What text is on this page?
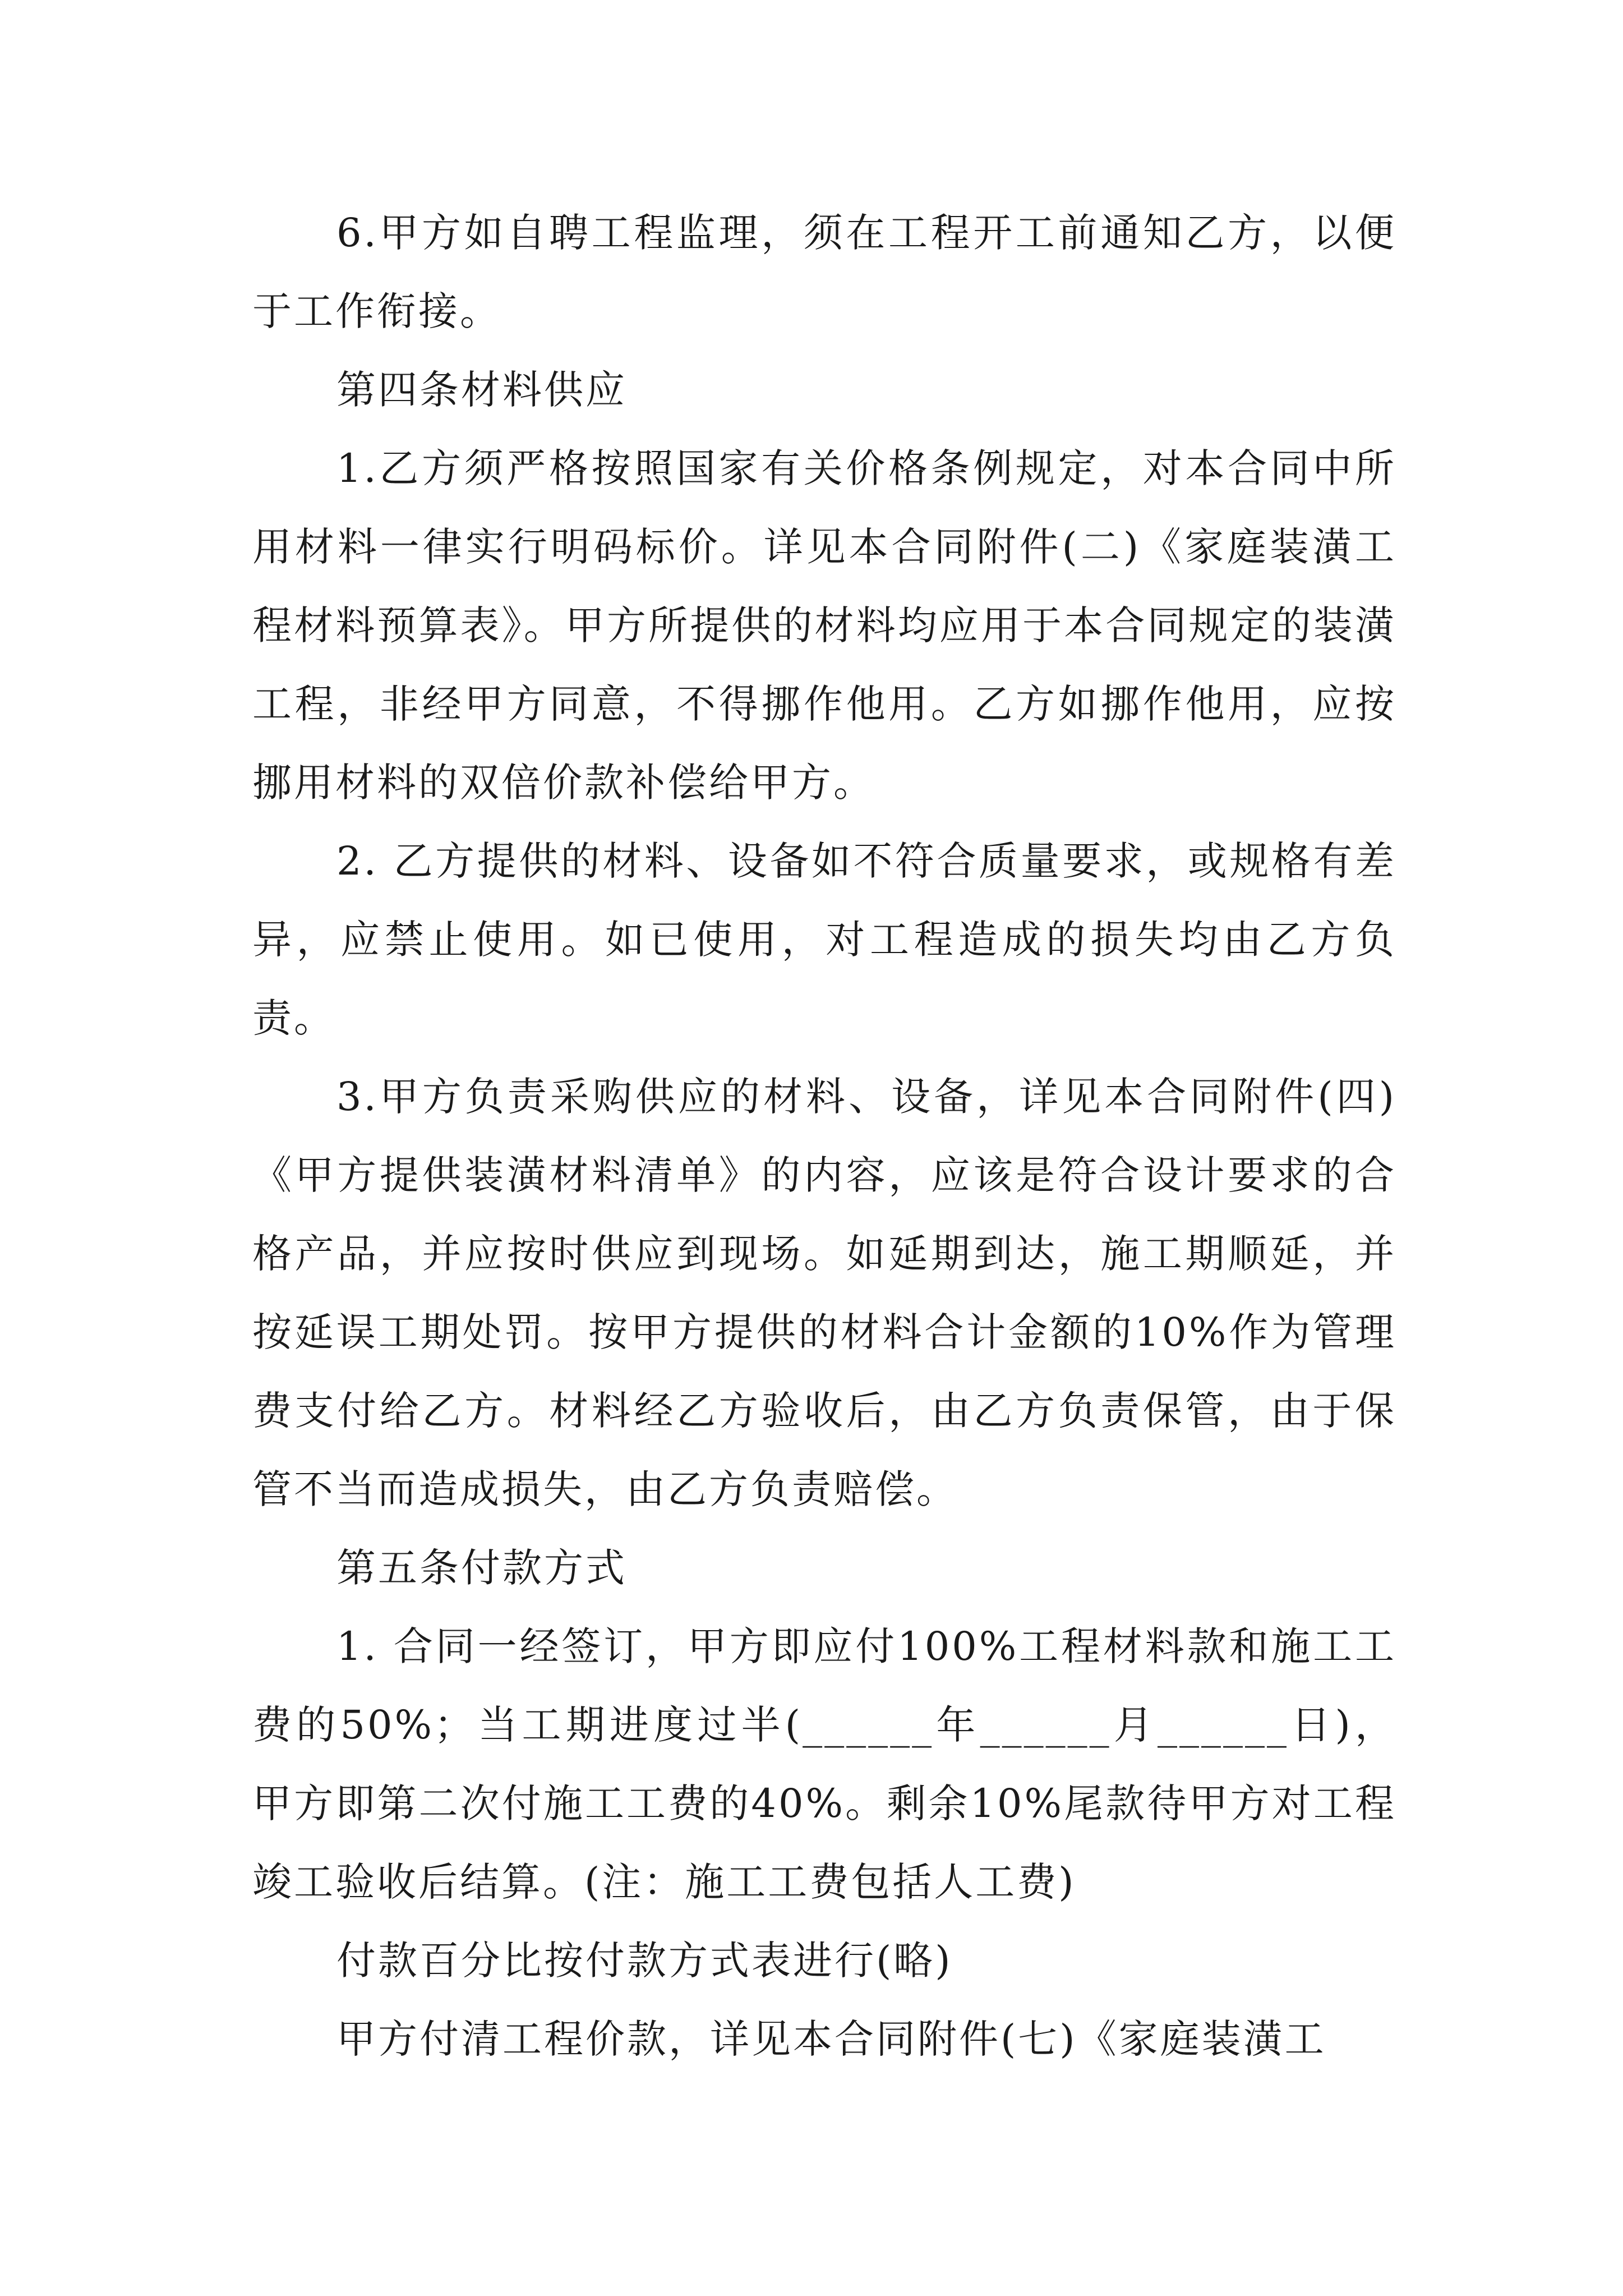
6.甲方如自聘工程监理，须在工程开工前通知乙方，以便于工作衔接。

第四条材料供应

1.乙方须严格按照国家有关价格条例规定，对本合同中所用材料一律实行明码标价。详见本合同附件(二)《家庭装潢工程材料预算表》。甲方所提供的材料均应用于本合同规定的装潢工程，非经甲方同意，不得挪作他用。乙方如挪作他用，应按挪用材料的双倍价款补偿给甲方。

2. 乙方提供的材料、设备如不符合质量要求，或规格有差异，应禁止使用。如已使用，对工程造成的损失均由乙方负责。

3.甲方负责采购供应的材料、设备，详见本合同附件(四)《甲方提供装潢材料清单》的内容，应该是符合设计要求的合格产品，并应按时供应到现场。如延期到达，施工期顺延，并按延误工期处罚。按甲方提供的材料合计金额的10%作为管理费支付给乙方。材料经乙方验收后，由乙方负责保管，由于保管不当而造成损失，由乙方负责赔偿。

第五条付款方式

1. 合同一经签订，甲方即应付100%工程材料款和施工工费的50%；当工期进度过半(______年______月______日)，甲方即第二次付施工工费的40%。剩余10%尾款待甲方对工程竣工验收后结算。(注：施工工费包括人工费)

付款百分比按付款方式表进行(略)

甲方付清工程价款，详见本合同附件(七)《家庭装潢工
